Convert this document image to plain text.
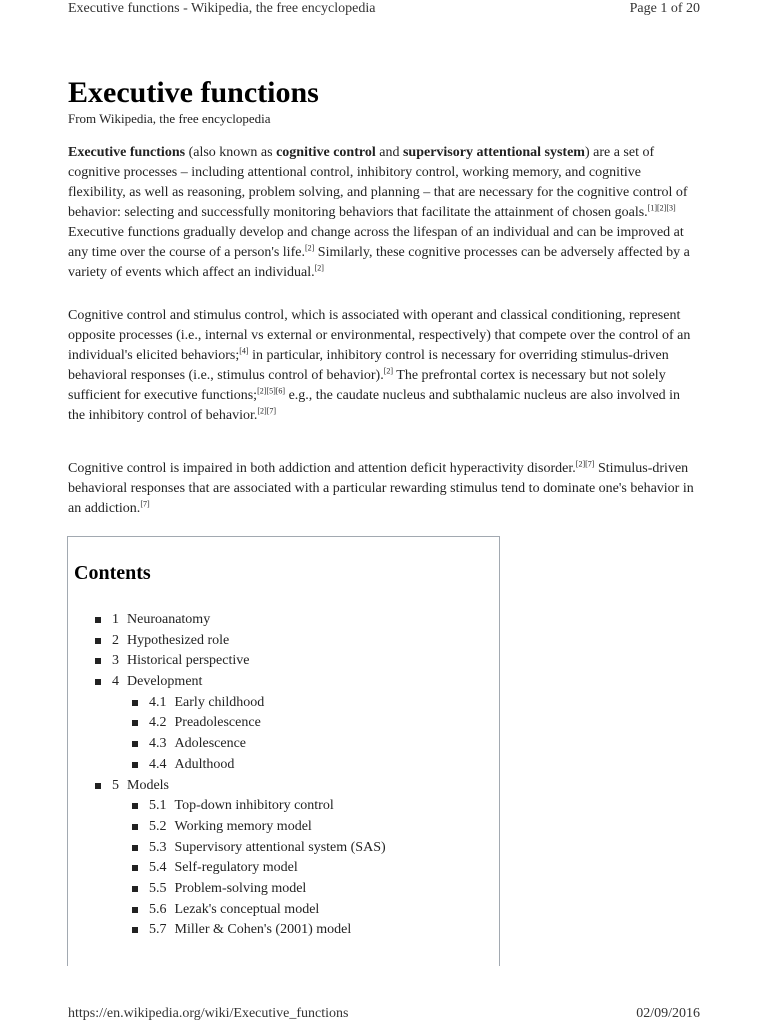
Executive functions - Wikipedia, the free encyclopedia	Page 1 of 20
Executive functions
From Wikipedia, the free encyclopedia

Executive functions (also known as cognitive control and supervisory attentional system) are a set of cognitive processes – including attentional control, inhibitory control, working memory, and cognitive flexibility, as well as reasoning, problem solving, and planning – that are necessary for the cognitive control of behavior: selecting and successfully monitoring behaviors that facilitate the attainment of chosen goals.[1][2][3] Executive functions gradually develop and change across the lifespan of an individual and can be improved at any time over the course of a person's life.[2] Similarly, these cognitive processes can be adversely affected by a variety of events which affect an individual.[2]

Cognitive control and stimulus control, which is associated with operant and classical conditioning, represent opposite processes (i.e., internal vs external or environmental, respectively) that compete over the control of an individual's elicited behaviors;[4] in particular, inhibitory control is necessary for overriding stimulus-driven behavioral responses (i.e., stimulus control of behavior).[2] The prefrontal cortex is necessary but not solely sufficient for executive functions;[2][5][6] e.g., the caudate nucleus and subthalamic nucleus are also involved in the inhibitory control of behavior.[2][7]

Cognitive control is impaired in both addiction and attention deficit hyperactivity disorder.[2][7] Stimulus-driven behavioral responses that are associated with a particular rewarding stimulus tend to dominate one's behavior in an addiction.[7]

Contents
1 Neuroanatomy
2 Hypothesized role
3 Historical perspective
4 Development
4.1 Early childhood
4.2 Preadolescence
4.3 Adolescence
4.4 Adulthood
5 Models
5.1 Top-down inhibitory control
5.2 Working memory model
5.3 Supervisory attentional system (SAS)
5.4 Self-regulatory model
5.5 Problem-solving model
5.6 Lezak's conceptual model
5.7 Miller & Cohen's (2001) model
https://en.wikipedia.org/wiki/Executive_functions	02/09/2016
